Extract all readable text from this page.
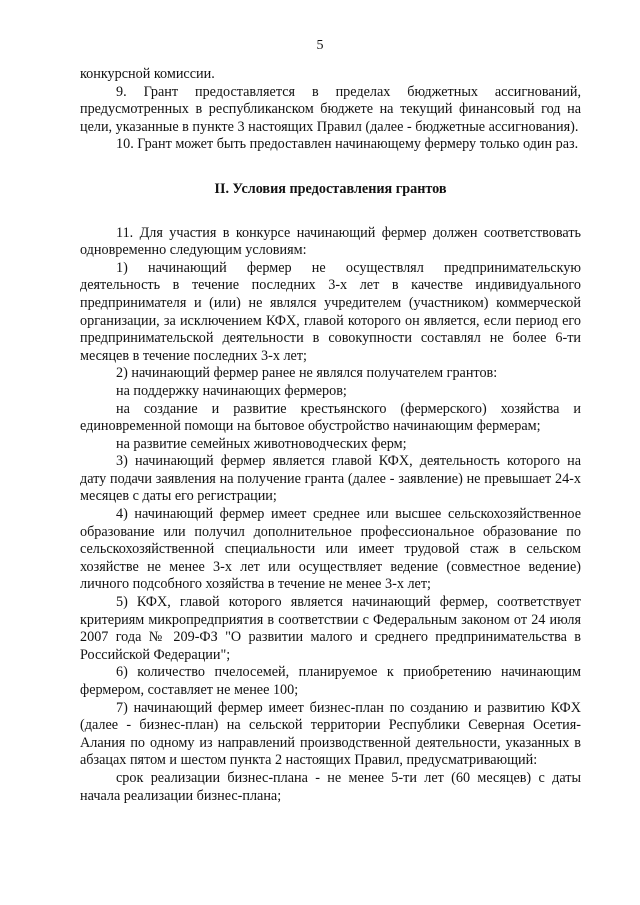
5

конкурсной комиссии.

9. Грант предоставляется в пределах бюджетных ассигнований, предусмотренных в республиканском бюджете на текущий финансовый год на цели, указанные в пункте 3 настоящих Правил (далее - бюджетные ассигнования).

10. Грант может быть предоставлен начинающему фермеру только один раз.

II. Условия предоставления грантов

11. Для участия в конкурсе начинающий фермер должен соответствовать одновременно следующим условиям:

1) начинающий фермер не осуществлял предпринимательскую деятельность в течение последних 3-х лет в качестве индивидуального предпринимателя и (или) не являлся учредителем (участником) коммерческой организации, за исключением КФХ, главой которого он является, если период его предпринимательской деятельности в совокупности составлял не более 6-ти месяцев в течение последних 3-х лет;

2) начинающий фермер ранее не являлся получателем грантов:

на поддержку начинающих фермеров;

на создание и развитие крестьянского (фермерского) хозяйства и единовременной помощи на бытовое обустройство начинающим фермерам;

на развитие семейных животноводческих ферм;

3) начинающий фермер является главой КФХ, деятельность которого на дату подачи заявления на получение гранта (далее - заявление) не превышает 24-х месяцев с даты его регистрации;

4) начинающий фермер имеет среднее или высшее сельскохозяйственное образование или получил дополнительное профессиональное образование по сельскохозяйственной специальности или имеет трудовой стаж в сельском хозяйстве не менее 3-х лет или осуществляет ведение (совместное ведение) личного подсобного хозяйства в течение не менее 3-х лет;

5) КФХ, главой которого является начинающий фермер, соответствует критериям микропредприятия в соответствии с Федеральным законом от 24 июля 2007 года № 209-ФЗ "О развитии малого и среднего предпринимательства в Российской Федерации";

6) количество пчелосемей, планируемое к приобретению начинающим фермером, составляет не менее 100;

7) начинающий фермер имеет бизнес-план по созданию и развитию КФХ (далее - бизнес-план) на сельской территории Республики Северная Осетия-Алания по одному из направлений производственной деятельности, указанных в абзацах пятом и шестом пункта 2 настоящих Правил, предусматривающий:

срок реализации бизнес-плана - не менее 5-ти лет (60 месяцев) с даты начала реализации бизнес-плана;
